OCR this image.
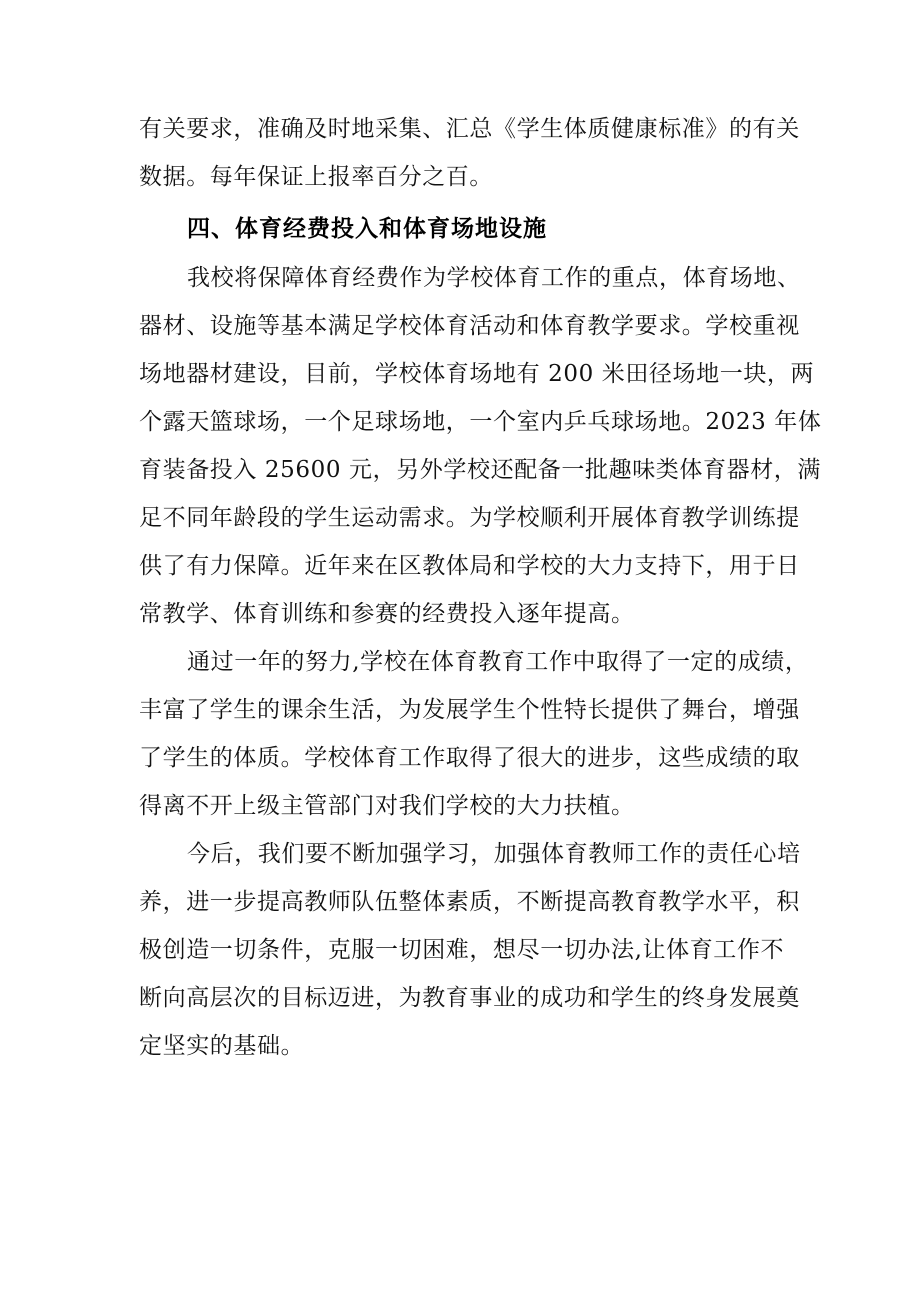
有关要求，准确及时地采集、汇总《学生体质健康标准》的有关
数据。每年保证上报率百分之百。
四、体育经费投入和体育场地设施
我校将保障体育经费作为学校体育工作的重点，体育场地、
器材、设施等基本满足学校体育活动和体育教学要求。学校重视
场地器材建设，目前，学校体育场地有 200 米田径场地一块，两
个露天篮球场，一个足球场地，一个室内乒乓球场地。2023 年体
育装备投入 25600 元，另外学校还配备一批趣味类体育器材，满
足不同年龄段的学生运动需求。为学校顺利开展体育教学训练提
供了有力保障。近年来在区教体局和学校的大力支持下，用于日
常教学、体育训练和参赛的经费投入逐年提高。
通过一年的努力,学校在体育教育工作中取得了一定的成绩，
丰富了学生的课余生活，为发展学生个性特长提供了舞台，增强
了学生的体质。学校体育工作取得了很大的进步，这些成绩的取
得离不开上级主管部门对我们学校的大力扶植。
今后，我们要不断加强学习，加强体育教师工作的责任心培
养，进一步提高教师队伍整体素质，不断提高教育教学水平，积
极创造一切条件，克服一切困难，想尽一切办法,让体育工作不
断向高层次的目标迈进，为教育事业的成功和学生的终身发展奠
定坚实的基础。
